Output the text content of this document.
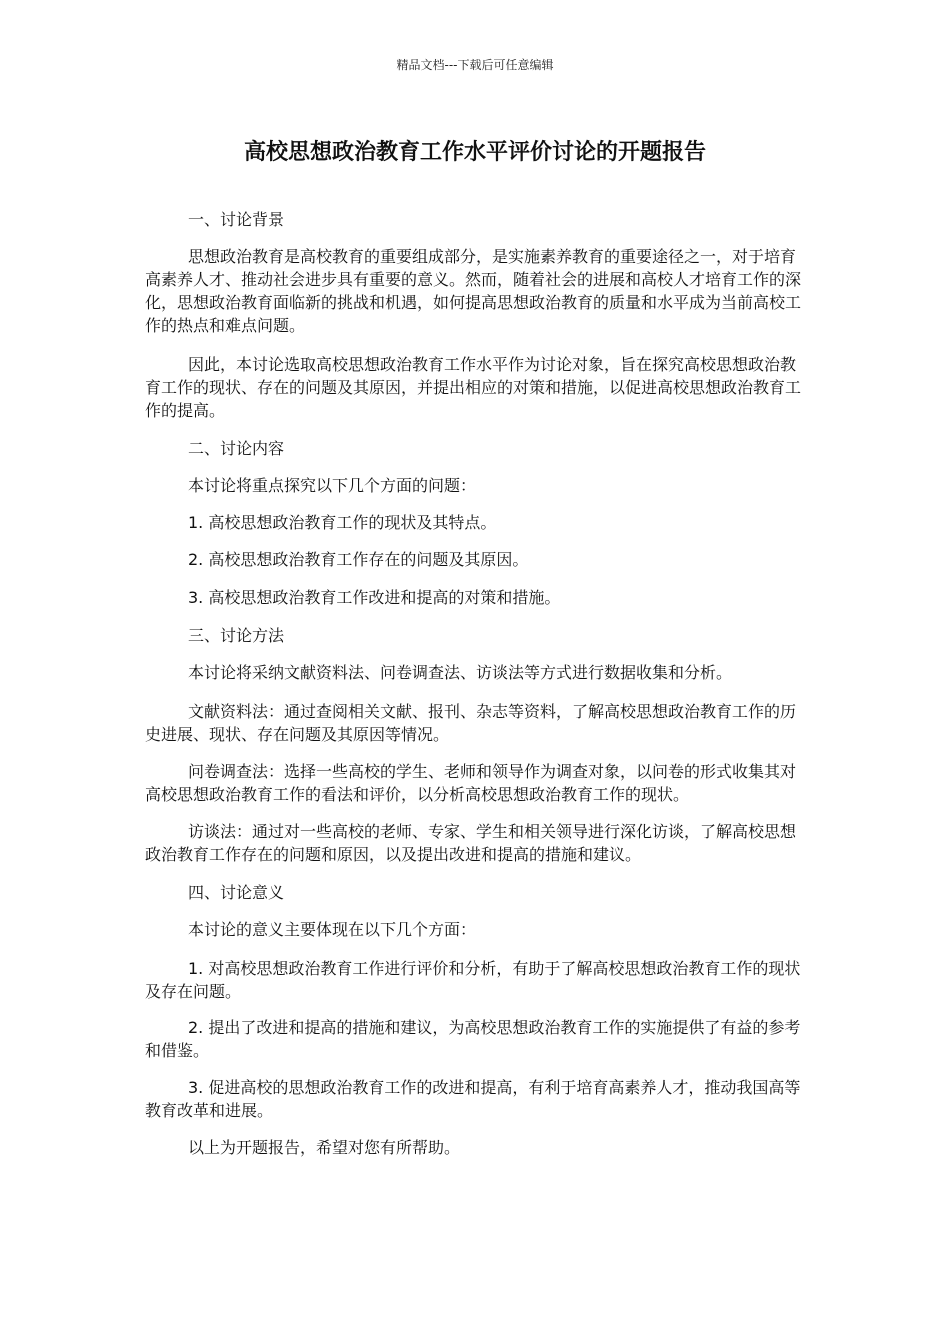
精品文档---下载后可任意编辑
高校思想政治教育工作水平评价讨论的开题报告

一、讨论背景

思想政治教育是高校教育的重要组成部分，是实施素养教育的重要途径之一，对于培育高素养人才、推动社会进步具有重要的意义。然而，随着社会的进展和高校人才培育工作的深化，思想政治教育面临新的挑战和机遇，如何提高思想政治教育的质量和水平成为当前高校工作的热点和难点问题。

因此，本讨论选取高校思想政治教育工作水平作为讨论对象，旨在探究高校思想政治教育工作的现状、存在的问题及其原因，并提出相应的对策和措施，以促进高校思想政治教育工作的提高。

二、讨论内容

本讨论将重点探究以下几个方面的问题：

1. 高校思想政治教育工作的现状及其特点。

2. 高校思想政治教育工作存在的问题及其原因。

3. 高校思想政治教育工作改进和提高的对策和措施。

三、讨论方法

本讨论将采纳文献资料法、问卷调查法、访谈法等方式进行数据收集和分析。

文献资料法：通过查阅相关文献、报刊、杂志等资料，了解高校思想政治教育工作的历史进展、现状、存在问题及其原因等情况。

问卷调查法：选择一些高校的学生、老师和领导作为调查对象，以问卷的形式收集其对高校思想政治教育工作的看法和评价，以分析高校思想政治教育工作的现状。

访谈法：通过对一些高校的老师、专家、学生和相关领导进行深化访谈，了解高校思想政治教育工作存在的问题和原因，以及提出改进和提高的措施和建议。

四、讨论意义

本讨论的意义主要体现在以下几个方面：

1. 对高校思想政治教育工作进行评价和分析，有助于了解高校思想政治教育工作的现状及存在问题。

2. 提出了改进和提高的措施和建议，为高校思想政治教育工作的实施提供了有益的参考和借鉴。

3. 促进高校的思想政治教育工作的改进和提高，有利于培育高素养人才，推动我国高等教育改革和进展。

以上为开题报告，希望对您有所帮助。
